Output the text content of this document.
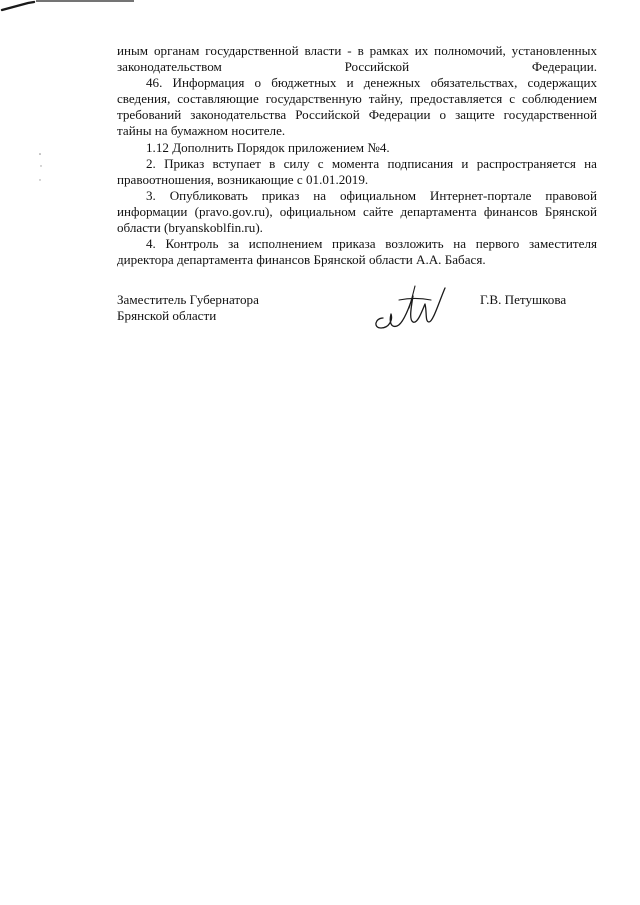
иным органам государственной власти - в рамках их полномочий, установленных законодательством Российской Федерации.

46. Информация о бюджетных и денежных обязательствах, содержащих сведения, составляющие государственную тайну, предоставляется с соблюдением требований законодательства Российской Федерации о защите государственной тайны на бумажном носителе.

1.12 Дополнить Порядок приложением №4.

2. Приказ вступает в силу с момента подписания и распространяется на правоотношения, возникающие с 01.01.2019.

3. Опубликовать приказ на официальном Интернет-портале правовой информации (pravo.gov.ru), официальном сайте департамента финансов Брянской области (bryanskoblfin.ru).

4. Контроль за исполнением приказа возложить на первого заместителя директора департамента финансов Брянской области А.А. Бабася.

Заместитель Губернатора
Брянской области
Г.В. Петушкова
